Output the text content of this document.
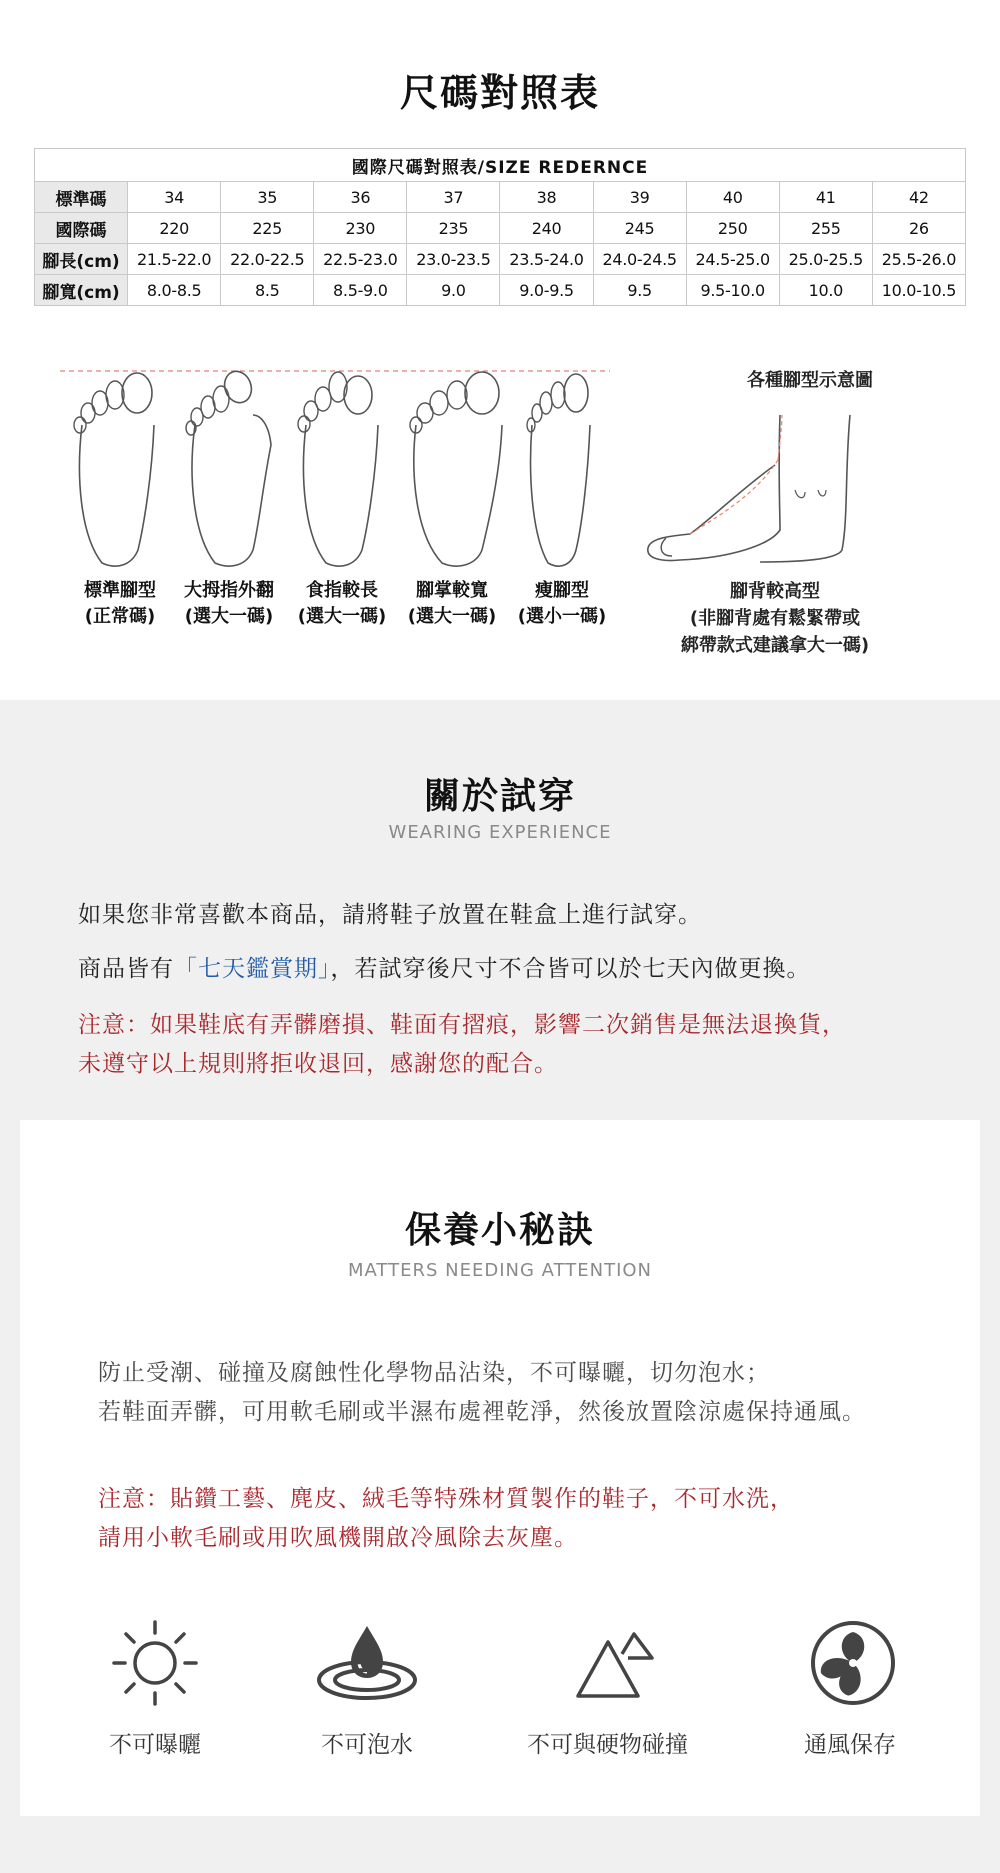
尺碼對照表
國際尺碼對照表/SIZE REDERNCE									
標準碼	34	35	36	37	38	39	40	41	42
國際碼	220	225	230	235	240	245	250	255	26
腳長(cm)	21.5-22.0	22.0-22.5	22.5-23.0	23.0-23.5	23.5-24.0	24.0-24.5	24.5-25.0	25.0-25.5	25.5-26.0
腳寬(cm)	8.0-8.5	8.5	8.5-9.0	9.0	9.0-9.5	9.5	9.5-10.0	10.0	10.0-10.5
標準腳型
(正常碼)
大拇指外翻
(選大一碼)
食指較長
(選大一碼)
腳掌較寬
(選大一碼)
瘦腳型
(選小一碼)
各種腳型示意圖
腳背較高型
(非腳背處有鬆緊帶或
綁帶款式建議拿大一碼)
關於試穿
WEARING EXPERIENCE
如果您非常喜歡本商品，請將鞋子放置在鞋盒上進行試穿。
商品皆有「七天鑑賞期」，若試穿後尺寸不合皆可以於七天內做更換。
注意：如果鞋底有弄髒磨損、鞋面有摺痕，影響二次銷售是無法退換貨，
未遵守以上規則將拒收退回，感謝您的配合。
保養小秘訣
MATTERS NEEDING ATTENTION
防止受潮、碰撞及腐蝕性化學物品沾染，不可曝曬，切勿泡水；
若鞋面弄髒，可用軟毛刷或半濕布處裡乾淨，然後放置陰涼處保持通風。
注意：貼鑽工藝、麂皮、絨毛等特殊材質製作的鞋子，不可水洗，
請用小軟毛刷或用吹風機開啟冷風除去灰塵。
不可曝曬	不可泡水	不可與硬物碰撞	通風保存
